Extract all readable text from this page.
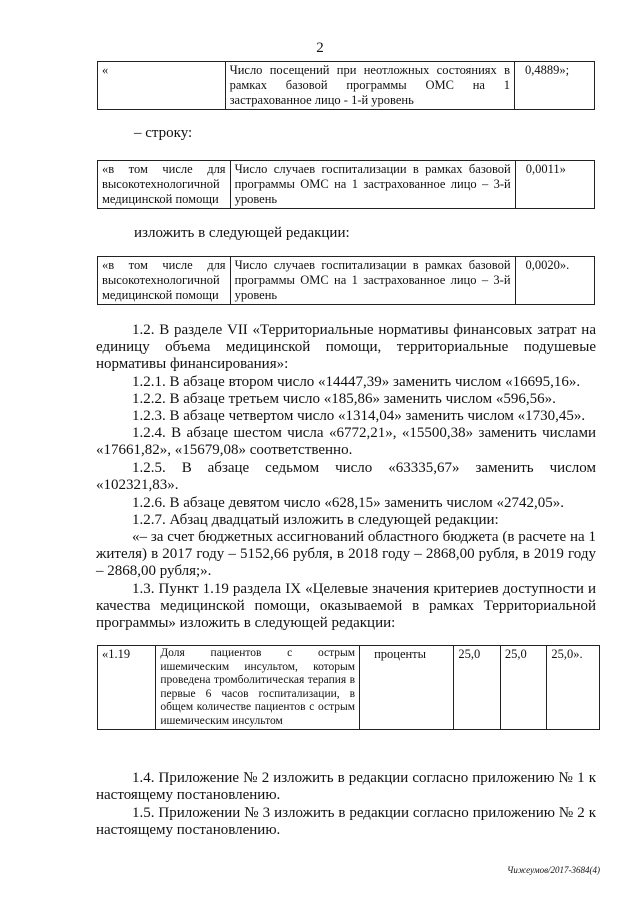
2
«	Число посещений при неотложных состояниях в рамках базовой программы ОМС на 1 застрахованное лицо - 1-й уровень	0,4889»;
– строку:
«в том числе для высокотехнологичной медицинской помощи	Число случаев госпитализации в рамках базовой программы ОМС на 1 застрахованное лицо – 3-й уровень	0,0011»
изложить в следующей редакции:
«в том числе для высокотехнологичной медицинской помощи	Число случаев госпитализации в рамках базовой программы ОМС на 1 застрахованное лицо – 3-й уровень	0,0020».
1.2. В разделе VII «Территориальные нормативы финансовых затрат на единицу объема медицинской помощи, территориальные подушевые нормативы финансирования»:
1.2.1. В абзаце втором число «14447,39» заменить числом «16695,16».
1.2.2. В абзаце третьем число «185,86» заменить числом «596,56».
1.2.3. В абзаце четвертом число «1314,04» заменить числом «1730,45».
1.2.4. В абзаце шестом числа «6772,21», «15500,38» заменить числами «17661,82», «15679,08» соответственно.
1.2.5. В абзаце седьмом число «63335,67» заменить числом «102321,83».
1.2.6. В абзаце девятом число «628,15» заменить числом «2742,05».
1.2.7. Абзац двадцатый изложить в следующей редакции:
«– за счет бюджетных ассигнований областного бюджета (в расчете на 1 жителя) в 2017 году – 5152,66 рубля, в 2018 году – 2868,00 рубля, в 2019 году – 2868,00 рубля;».
1.3. Пункт 1.19 раздела IX «Целевые значения критериев доступности и качества медицинской помощи, оказываемой в рамках Территориальной программы» изложить в следующей редакции:
«1.19	Доля пациентов с острым ишемическим инсультом, которым проведена тромболитическая терапия в первые 6 часов госпитализации, в общем количестве пациентов с острым ишемическим инсультом	проценты	25,0	25,0	25,0».
1.4. Приложение № 2 изложить в редакции согласно приложению № 1 к настоящему постановлению.
1.5. Приложении № 3 изложить в редакции согласно приложению № 2 к настоящему постановлению.
Чижеумов/2017-3684(4)
